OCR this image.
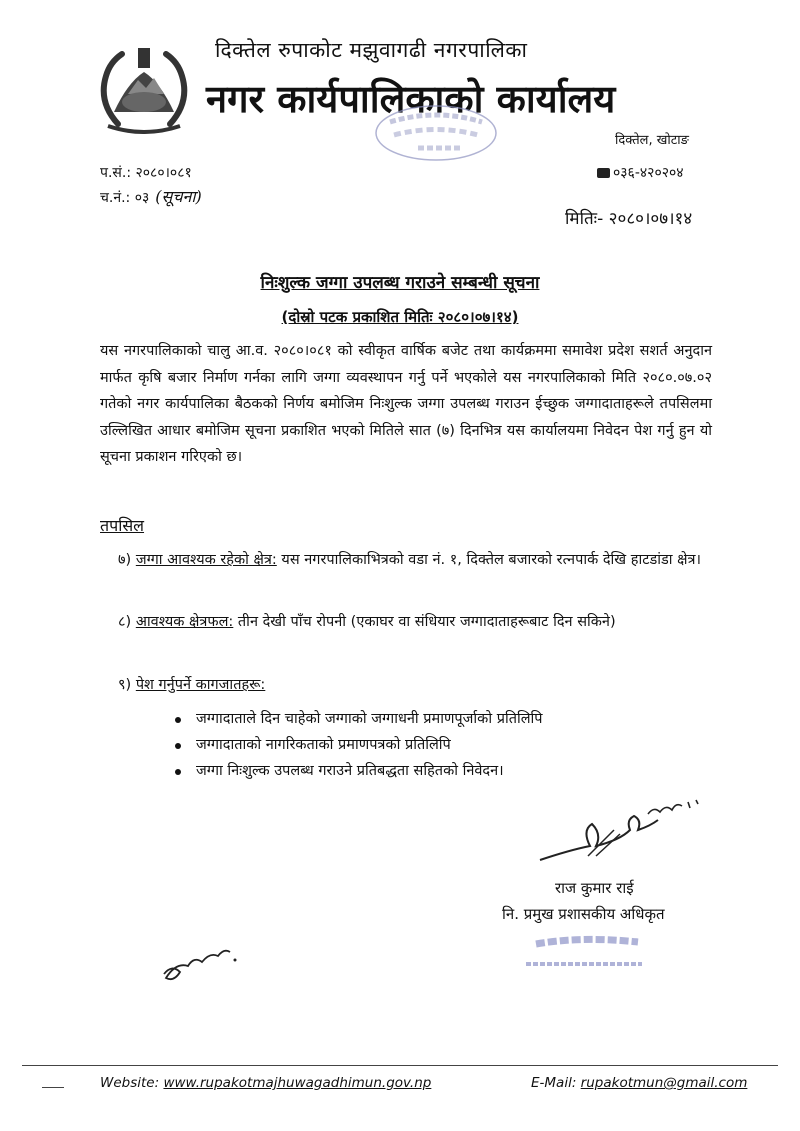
दिक्तेल रुपाकोट मझुवागढी नगरपालिका
नगर कार्यपालिकाको कार्यालय
दिक्तेल, खोटाङ
प.सं.: २०८०।०८१
च.नं.: ०३ (सूचना)
०३६-४२०२०४
मितिः- २०८०।०७।१४
निःशुल्क जग्गा उपलब्ध गराउने सम्बन्धी सूचना
(दोस्रो पटक प्रकाशित मितिः २०८०।०७।१४)
यस नगरपालिकाको चालु आ.व. २०८०।०८१ को स्वीकृत वार्षिक बजेट तथा कार्यक्रममा समावेश प्रदेश सशर्त अनुदान मार्फत कृषि बजार निर्माण गर्नका लागि जग्गा व्यवस्थापन गर्नु पर्ने भएकोले यस नगरपालिकाको मिति २०८०.०७.०२ गतेको नगर कार्यपालिका बैठकको निर्णय बमोजिम निःशुल्क जग्गा उपलब्ध गराउन ईच्छुक जग्गादाताहरूले तपसिलमा उल्लिखित आधार बमोजिम सूचना प्रकाशित भएको मितिले सात (७) दिनभित्र यस कार्यालयमा निवेदन पेश गर्नु हुन यो सूचना प्रकाशन गरिएको छ।
तपसिल
७) जग्गा आवश्यक रहेको क्षेत्र: यस नगरपालिकाभित्रको वडा नं. १, दिक्तेल बजारको रत्नपार्क देखि हाटडांडा क्षेत्र।
८) आवश्यक क्षेत्रफल: तीन देखी पाँच रोपनी (एकाघर वा संधियार जग्गादाताहरूबाट दिन सकिने)
९) पेश गर्नुपर्ने कागजातहरू:
जग्गादाताले दिन चाहेको जग्गाको जग्गाधनी प्रमाणपूर्जाको प्रतिलिपि
जग्गादाताको नागरिकताको प्रमाणपत्रको प्रतिलिपि
जग्गा निःशुल्क उपलब्ध गराउने प्रतिबद्धता सहितको निवेदन।
राज कुमार राई
नि. प्रमुख प्रशासकीय अधिकृत
Website: www.rupakotmajhuwagadhimun.gov.np	E-Mail: rupakotmun@gmail.com
